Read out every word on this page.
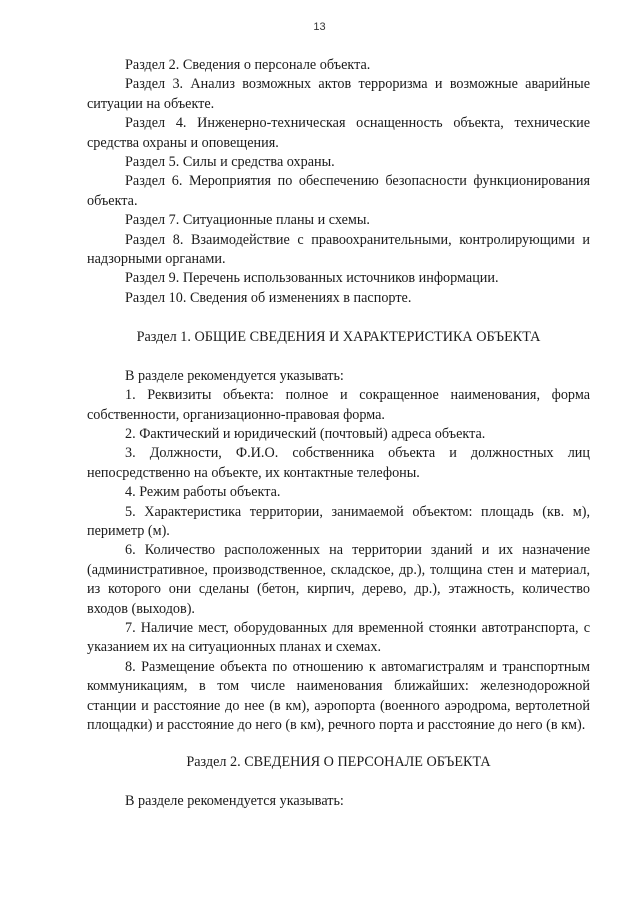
13

Раздел 2. Сведения о персонале объекта.

Раздел 3. Анализ возможных актов терроризма и возможные аварийные ситуации на объекте.

Раздел 4. Инженерно-техническая оснащенность объекта, технические средства охраны и оповещения.

Раздел 5. Силы и средства охраны.

Раздел 6. Мероприятия по обеспечению безопасности функционирования объекта.

Раздел 7. Ситуационные планы и схемы.

Раздел 8. Взаимодействие с правоохранительными, контролирующими и надзорными органами.

Раздел 9. Перечень использованных источников информации.

Раздел 10. Сведения об изменениях в паспорте.

Раздел 1. ОБЩИЕ СВЕДЕНИЯ И ХАРАКТЕРИСТИКА ОБЪЕКТА

В разделе рекомендуется указывать:

1. Реквизиты объекта: полное и сокращенное наименования, форма собственности, организационно-правовая форма.

2. Фактический и юридический (почтовый) адреса объекта.

3. Должности, Ф.И.О. собственника объекта и должностных лиц непосредственно на объекте, их контактные телефоны.

4. Режим работы объекта.

5. Характеристика территории, занимаемой объектом: площадь (кв. м), периметр (м).

6. Количество расположенных на территории зданий и их назначение (административное, производственное, складское, др.), толщина стен и материал, из которого они сделаны (бетон, кирпич, дерево, др.), этажность, количество входов (выходов).

7. Наличие мест, оборудованных для временной стоянки автотранспорта, с указанием их на ситуационных планах и схемах.

8. Размещение объекта по отношению к автомагистралям и транспортным коммуникациям, в том числе наименования ближайших: железнодорожной станции и расстояние до нее (в км), аэропорта (военного аэродрома, вертолетной площадки) и расстояние до него (в км), речного порта и расстояние до него (в км).

Раздел 2. СВЕДЕНИЯ О ПЕРСОНАЛЕ ОБЪЕКТА

В разделе рекомендуется указывать:
